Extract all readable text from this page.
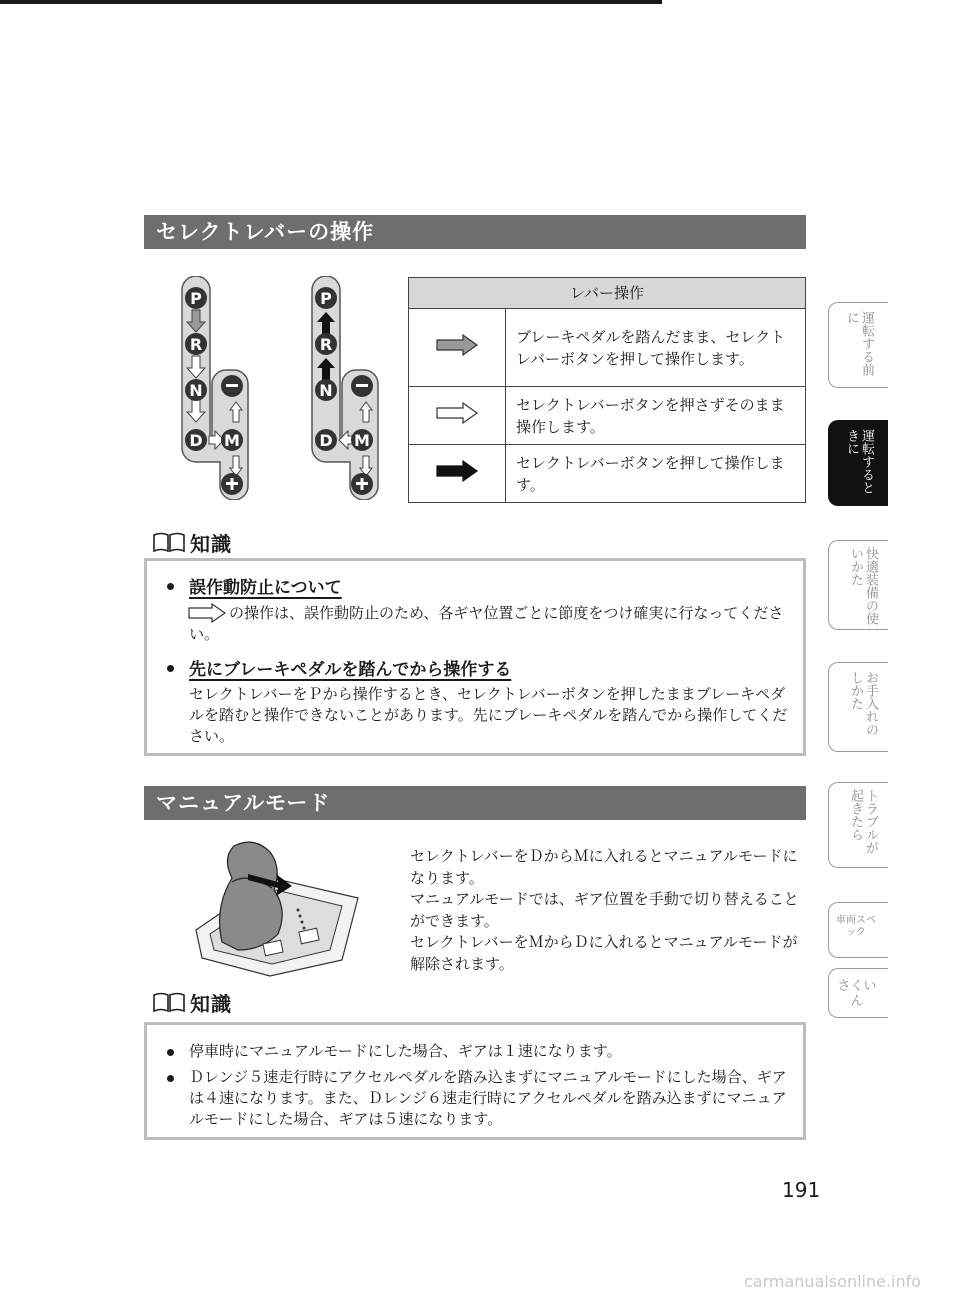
セレクトレバーの操作
P
R
N
D M
P
R
N
D M
レバー操作	
	ブレーキペダルを踏んだまま、セレクトレバーボタンを押して操作します。
	セレクトレバーボタンを押さずそのまま操作します。
	セレクトレバーボタンを押して操作します。
知識
誤作動防止について
の操作は、誤作動防止のため、各ギヤ位置ごとに節度をつけ確実に行なってください。
先にブレーキペダルを踏んでから操作する
セレクトレバーをＰから操作するとき、セレクトレバーボタンを押したままブレーキペダルを踏むと操作できないことがあります。先にブレーキペダルを踏んでから操作してください。
マニュアルモード
セレクトレバーをＤからＭに入れるとマニュアルモードになります。
マニュアルモードでは、ギア位置を手動で切り替えることができます。
セレクトレバーをＭからＤに入れるとマニュアルモードが解除されます。
知識
停車時にマニュアルモードにした場合、ギアは１速になります。
Ｄレンジ５速走行時にアクセルペダルを踏み込まずにマニュアルモードにした場合、ギアは４速になります。また、Ｄレンジ６速走行時にアクセルペダルを踏み込まずにマニュアルモードにした場合、ギアは５速になります。
運転する前に
運転するときに
快適装備の使いかた
お手入れのしかた
トラブルが起きたら
車両スペック
さくいん
191
carmanualsonline.info
